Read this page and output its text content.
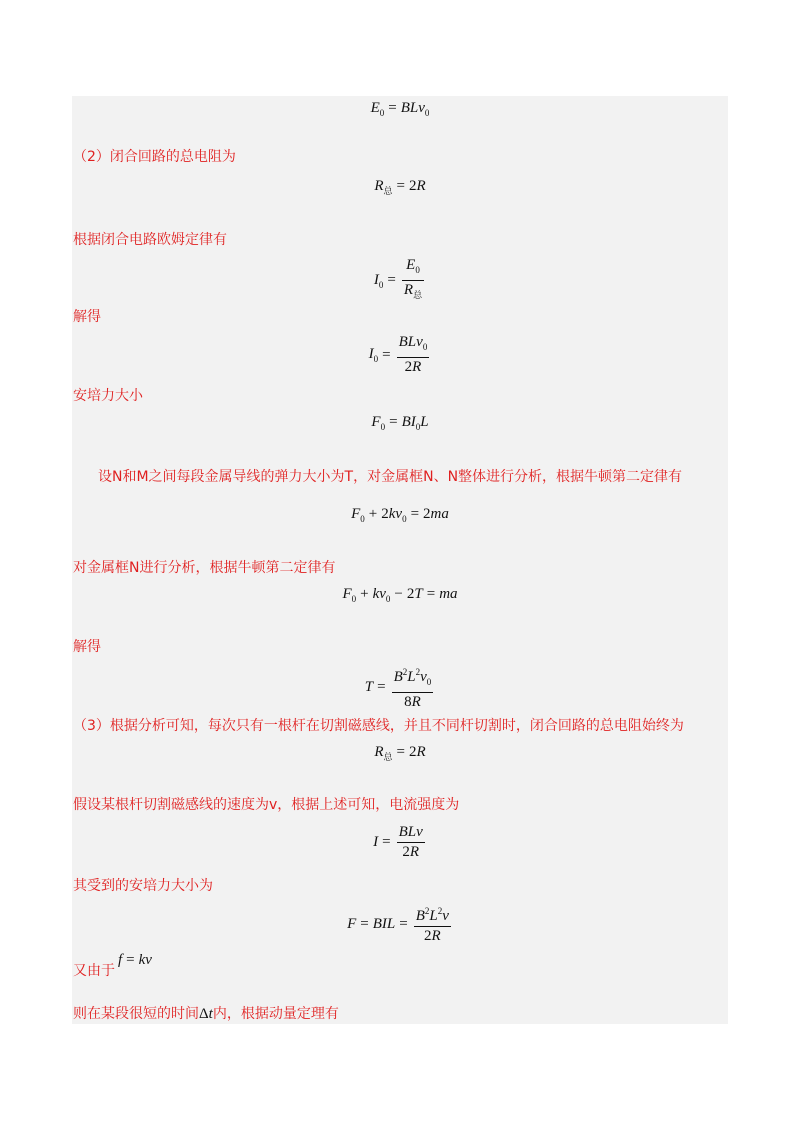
$E_0 = BLv_0$
（2）闭合回路的总电阻为
$R_总 = 2R$
根据闭合电路欧姆定律有
$I_0 = \frac{E_0}{R_总}$
解得
$I_0 = \frac{BLv_0}{2R}$
安培力大小
$F_0 = BI_0L$
设N和M之间每段金属导线的弹力大小为T，对金属框N、N整体进行分析，根据牛顿第二定律有
$F_0 + 2kv_0 = 2ma$
对金属框N进行分析，根据牛顿第二定律有
$F_0 + kv_0 - 2T$ = ma
解得
$T = \frac{B^2L^2v_0}{8R}$
（3）根据分析可知，每次只有一根杆在切割磁感线，并且不同杆切割时，闭合回路的总电阻始终为
$R_总 = 2R$
假设某根杆切割磁感线的速度为v，根据上述可知，电流强度为
$I = \frac{\text{BLv}}{2R}$
其受到的安培力大小为
F = BIL = $\frac{B^2L^2v}{2R}$
又由于
f = kv
则在某段很短的时间Δt内，根据动量定理有
